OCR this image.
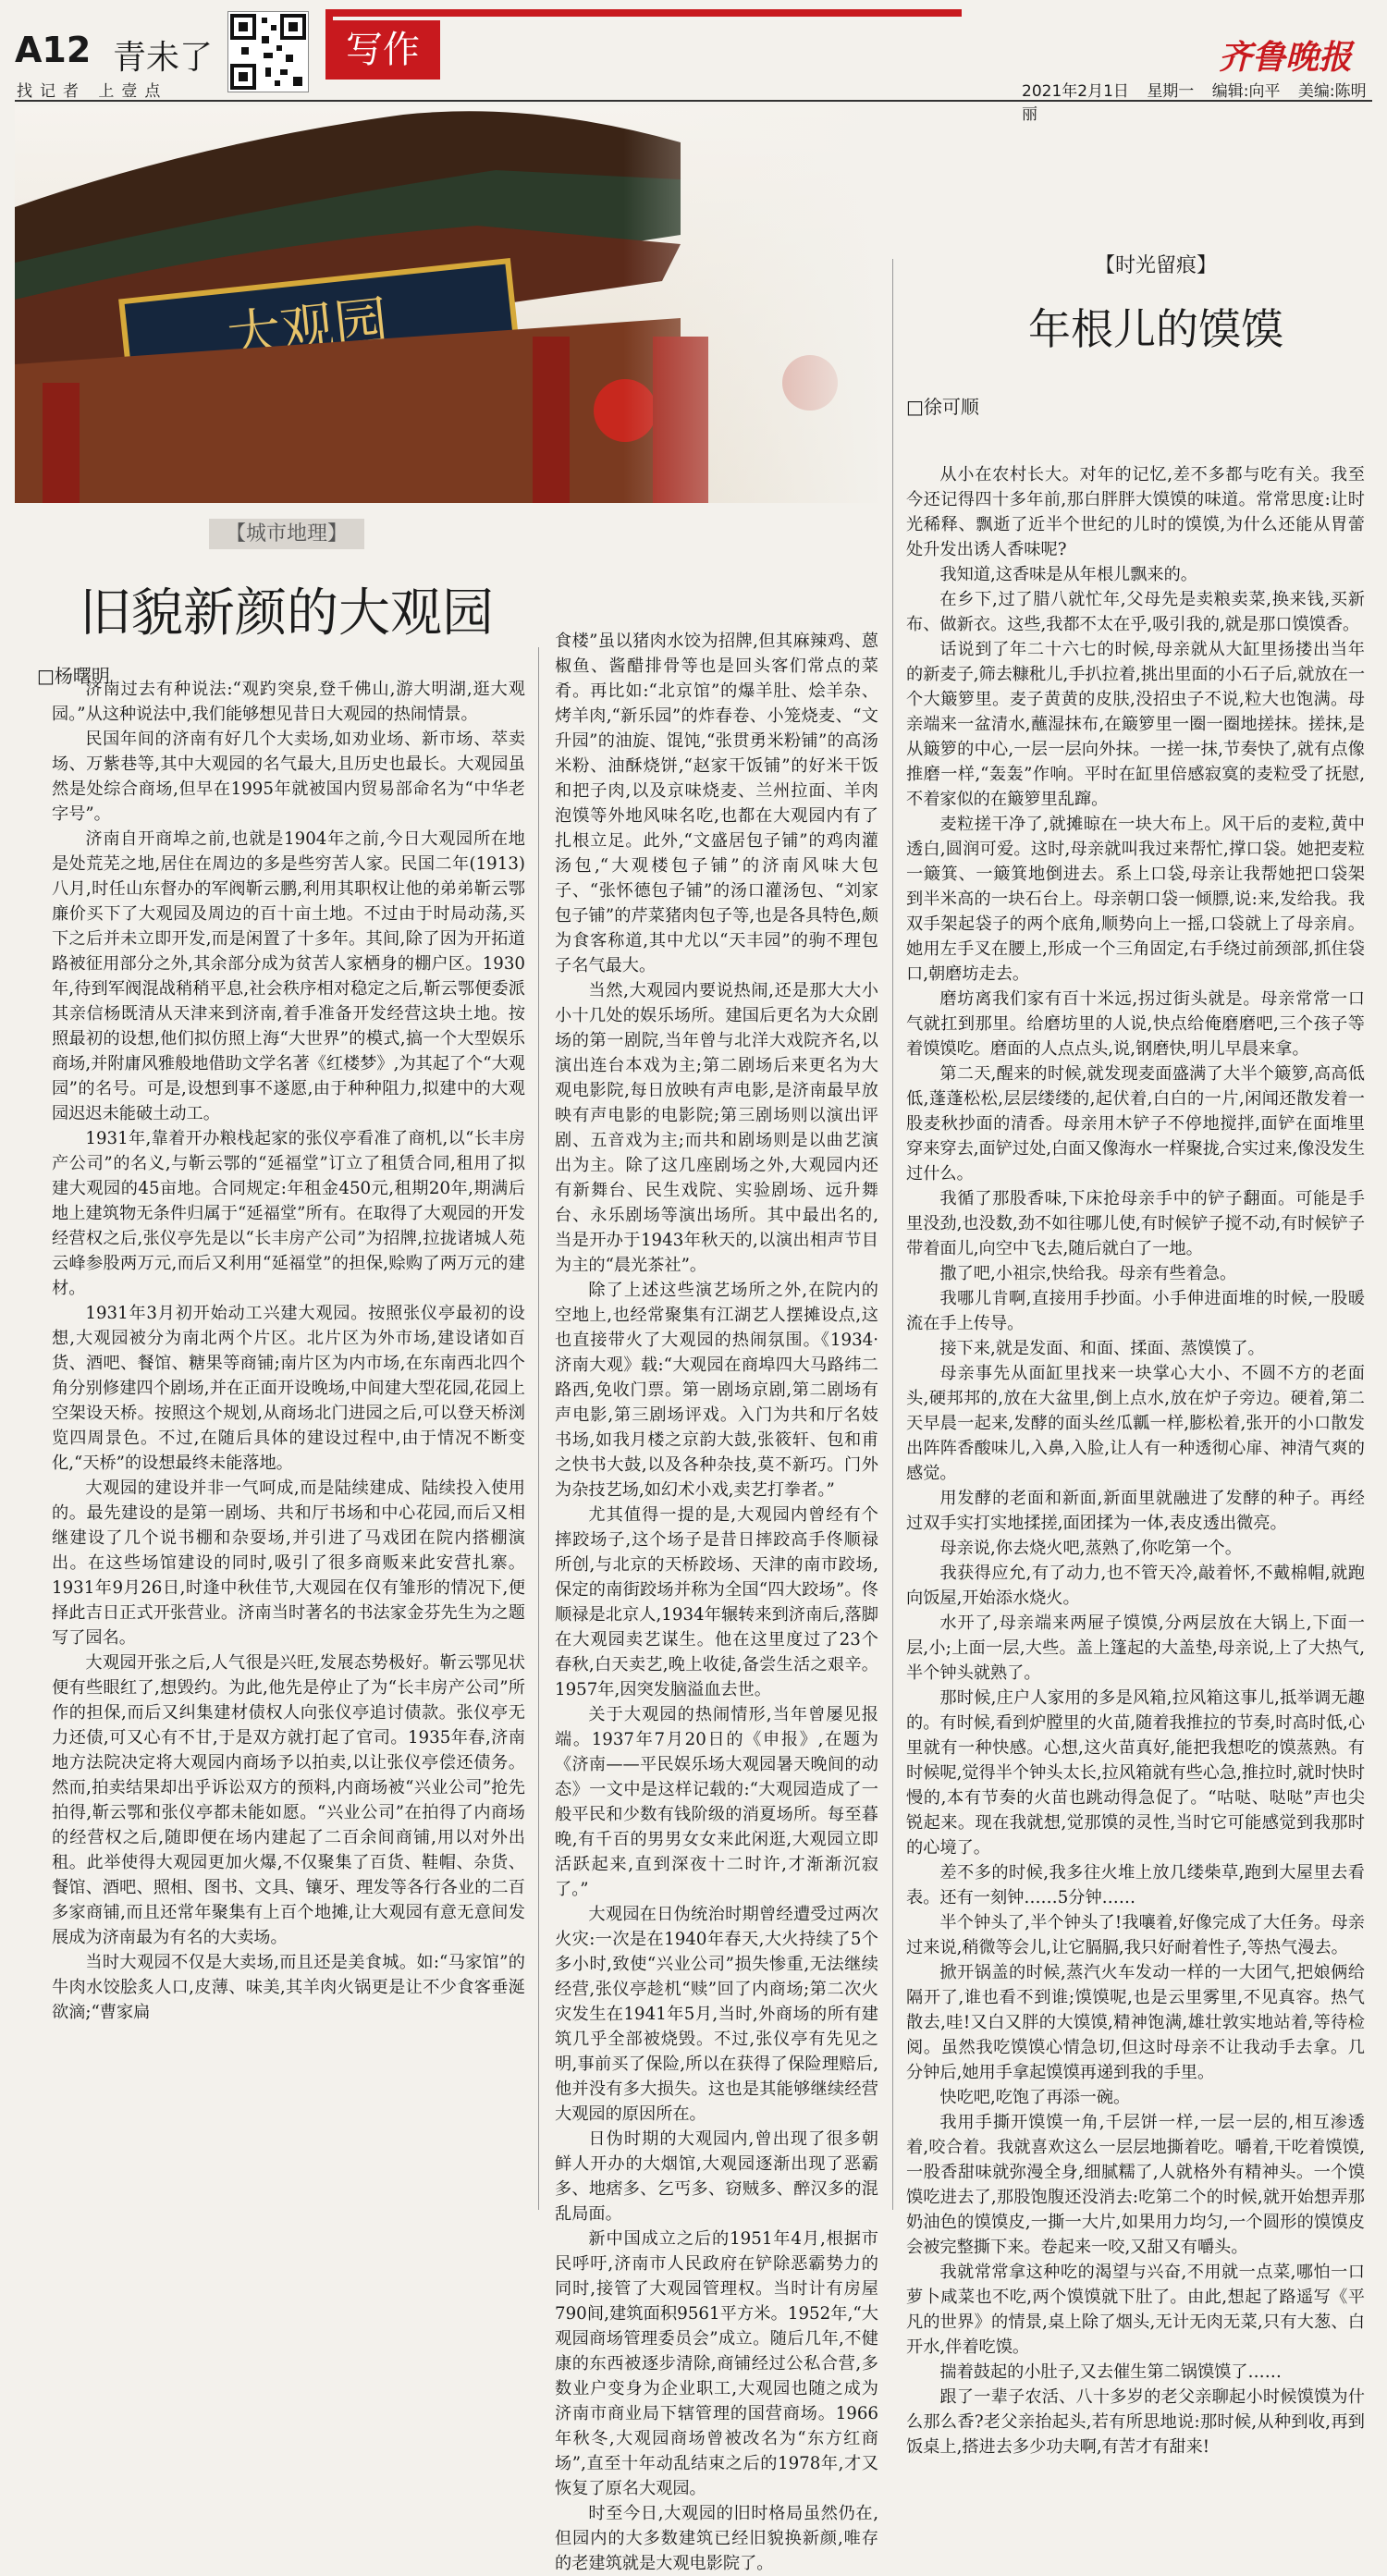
A12 青未了
找记者 上壹点
写作	齐鲁晚报
2021年2月1日 星期一 编辑:向平 美编:陈明丽
【城市地理】
旧貌新颜的大观园
□杨曙明

济南过去有种说法:“观趵突泉,登千佛山,游大明湖,逛大观园。”从这种说法中,我们能够想见昔日大观园的热闹情景。

民国年间的济南有好几个大卖场,如劝业场、新市场、萃卖场、万紫巷等,其中大观园的名气最大,且历史也最长。大观园虽然是处综合商场,但早在1995年就被国内贸易部命名为“中华老字号”。

济南自开商埠之前,也就是1904年之前,今日大观园所在地是处荒芜之地,居住在周边的多是些穷苦人家。民国二年(1913)八月,时任山东督办的军阀靳云鹏,利用其职权让他的弟弟靳云鄂廉价买下了大观园及周边的百十亩土地。不过由于时局动荡,买下之后并未立即开发,而是闲置了十多年。其间,除了因为开拓道路被征用部分之外,其余部分成为贫苦人家栖身的棚户区。1930年,待到军阀混战稍稍平息,社会秩序相对稳定之后,靳云鄂便委派其亲信杨既清从天津来到济南,着手准备开发经营这块土地。按照最初的设想,他们拟仿照上海“大世界”的模式,搞一个大型娱乐商场,并附庸风雅般地借助文学名著《红楼梦》,为其起了个“大观园”的名号。可是,设想到事不遂愿,由于种种阻力,拟建中的大观园迟迟未能破土动工。

1931年,靠着开办粮栈起家的张仪亭看准了商机,以“长丰房产公司”的名义,与靳云鄂的“延福堂”订立了租赁合同,租用了拟建大观园的45亩地。合同规定:年租金450元,租期20年,期满后地上建筑物无条件归属于“延福堂”所有。在取得了大观园的开发经营权之后,张仪亭先是以“长丰房产公司”为招牌,拉拢诸城人苑云峰参股两万元,而后又利用“延福堂”的担保,赊购了两万元的建材。

1931年3月初开始动工兴建大观园。按照张仪亭最初的设想,大观园被分为南北两个片区。北片区为外市场,建设诸如百货、酒吧、餐馆、糖果等商铺;南片区为内市场,在东南西北四个角分别修建四个剧场,并在正面开设晚场,中间建大型花园,花园上空架设天桥。按照这个规划,从商场北门进园之后,可以登天桥浏览四周景色。不过,在随后具体的建设过程中,由于情况不断变化,“天桥”的设想最终未能落地。

大观园的建设并非一气呵成,而是陆续建成、陆续投入使用的。最先建设的是第一剧场、共和厅书场和中心花园,而后又相继建设了几个说书棚和杂耍场,并引进了马戏团在院内搭棚演出。在这些场馆建设的同时,吸引了很多商贩来此安营扎寨。1931年9月26日,时逢中秋佳节,大观园在仅有雏形的情况下,便择此吉日正式开张营业。济南当时著名的书法家金芬先生为之题写了园名。

大观园开张之后,人气很是兴旺,发展态势极好。靳云鄂见状便有些眼红了,想毁约。为此,他先是停止了为“长丰房产公司”所作的担保,而后又纠集建材债权人向张仪亭追讨债款。张仪亭无力还债,可又心有不甘,于是双方就打起了官司。1935年春,济南地方法院决定将大观园内商场予以拍卖,以让张仪亭偿还债务。然而,拍卖结果却出乎诉讼双方的预料,内商场被“兴业公司”抢先拍得,靳云鄂和张仪亭都未能如愿。“兴业公司”在拍得了内商场的经营权之后,随即便在场内建起了二百余间商铺,用以对外出租。此举使得大观园更加火爆,不仅聚集了百货、鞋帽、杂货、餐馆、酒吧、照相、图书、文具、镶牙、理发等各行各业的二百多家商铺,而且还常年聚集有上百个地摊,让大观园有意无意间发展成为济南最为有名的大卖场。

当时大观园不仅是大卖场,而且还是美食城。如:“马家馆”的牛肉水饺脍炙人口,皮薄、味美,其羊肉火锅更是让不少食客垂涎欲滴;“曹家扁

食楼”虽以猪肉水饺为招牌,但其麻辣鸡、蒽椒鱼、酱醋排骨等也是回头客们常点的菜肴。再比如:“北京馆”的爆羊肚、烩羊杂、烤羊肉,“新乐园”的炸春卷、小笼烧麦、“文升园”的油旋、馄饨,“张贯勇米粉铺”的高汤米粉、油酥烧饼,“赵家干饭铺”的好米干饭和把子肉,以及京味烧麦、兰州拉面、羊肉泡馍等外地风味名吃,也都在大观园内有了扎根立足。此外,“文盛居包子铺”的鸡肉灌汤包,“大观楼包子铺”的济南风味大包子、“张怀德包子铺”的汤口灌汤包、“刘家包子铺”的芹菜猪肉包子等,也是各具特色,颇为食客称道,其中尤以“天丰园”的驹不理包子名气最大。

当然,大观园内要说热闹,还是那大大小小十几处的娱乐场所。建国后更名为大众剧场的第一剧院,当年曾与北洋大戏院齐名,以演出连台本戏为主;第二剧场后来更名为大观电影院,每日放映有声电影,是济南最早放映有声电影的电影院;第三剧场则以演出评剧、五音戏为主;而共和剧场则是以曲艺演出为主。除了这几座剧场之外,大观园内还有新舞台、民生戏院、实验剧场、远升舞台、永乐剧场等演出场所。其中最出名的,当是开办于1943年秋天的,以演出相声节目为主的“晨光茶社”。

除了上述这些演艺场所之外,在院内的空地上,也经常聚集有江湖艺人摆摊设点,这也直接带火了大观园的热闹氛围。《1934·济南大观》载:“大观园在商埠四大马路纬二路西,免收门票。第一剧场京剧,第二剧场有声电影,第三剧场评戏。入门为共和厅名妓书场,如我月楼之京韵大鼓,张筱轩、包和甫之快书大鼓,以及各种杂技,莫不新巧。门外为杂技艺场,如幻术小戏,卖艺打拳者。”

尤其值得一提的是,大观园内曾经有个摔跤场子,这个场子是昔日摔跤高手佟顺禄所创,与北京的天桥跤场、天津的南市跤场,保定的南街跤场并称为全国“四大跤场”。佟顺禄是北京人,1934年辗转来到济南后,落脚在大观园卖艺谋生。他在这里度过了23个春秋,白天卖艺,晚上收徒,备尝生活之艰辛。1957年,因突发脑溢血去世。

关于大观园的热闹情形,当年曾屡见报端。1937年7月20日的《申报》,在题为《济南——平民娱乐场大观园暑天晚间的动态》一文中是这样记载的:“大观园造成了一般平民和少数有钱阶级的消夏场所。每至暮晚,有千百的男男女女来此闲逛,大观园立即活跃起来,直到深夜十二时许,才渐渐沉寂了。”

大观园在日伪统治时期曾经遭受过两次火灾:一次是在1940年春天,大火持续了5个多小时,致使“兴业公司”损失惨重,无法继续经营,张仪亭趁机“赎”回了内商场;第二次火灾发生在1941年5月,当时,外商场的所有建筑几乎全部被烧毁。不过,张仪亭有先见之明,事前买了保险,所以在获得了保险理赔后,他并没有多大损失。这也是其能够继续经营大观园的原因所在。

日伪时期的大观园内,曾出现了很多朝鲜人开办的大烟馆,大观园逐渐出现了恶霸多、地痞多、乞丐多、窃贼多、醉汉多的混乱局面。

新中国成立之后的1951年4月,根据市民呼吁,济南市人民政府在铲除恶霸势力的同时,接管了大观园管理权。当时计有房屋790间,建筑面积9561平方米。1952年,“大观园商场管理委员会”成立。随后几年,不健康的东西被逐步清除,商铺经过公私合营,多数业户变身为企业职工,大观园也随之成为济南市商业局下辖管理的国营商场。1966年秋冬,大观园商场曾被改名为“东方红商场”,直至十年动乱结束之后的1978年,才又恢复了原名大观园。

时至今日,大观园的旧时格局虽然仍在,但园内的大多数建筑已经旧貌换新颜,唯存的老建筑就是大观电影院了。

【时光留痕】
年根儿的馍馍
□徐可顺

从小在农村长大。对年的记忆,差不多都与吃有关。我至今还记得四十多年前,那白胖胖大馍馍的味道。常常思度:让时光稀释、飘逝了近半个世纪的儿时的馍馍,为什么还能从胃蕾处升发出诱人香味呢?

我知道,这香味是从年根儿飘来的。

在乡下,过了腊八就忙年,父母先是卖粮卖菜,换来钱,买新布、做新衣。这些,我都不太在乎,吸引我的,就是那口馍馍香。

话说到了年二十六七的时候,母亲就从大缸里扬搂出当年的新麦子,筛去糠秕儿,手扒拉着,挑出里面的小石子后,就放在一个大簸箩里。麦子黄黄的皮肤,没招虫子不说,粒大也饱满。母亲端来一盆清水,蘸湿抹布,在簸箩里一圈一圈地搓抹。搓抹,是从簸箩的中心,一层一层向外抹。一搓一抹,节奏快了,就有点像推磨一样,“轰轰”作响。平时在缸里倍感寂寞的麦粒受了抚慰,不着家似的在簸箩里乱蹿。

麦粒搓干净了,就摊晾在一块大布上。风干后的麦粒,黄中透白,圆润可爱。这时,母亲就叫我过来帮忙,撑口袋。她把麦粒一簸箕、一簸箕地倒进去。系上口袋,母亲让我帮她把口袋架到半米高的一块石台上。母亲朝口袋一倾膘,说:来,发给我。我双手架起袋子的两个底角,顺势向上一摇,口袋就上了母亲肩。她用左手叉在腰上,形成一个三角固定,右手绕过前颈部,抓住袋口,朝磨坊走去。

磨坊离我们家有百十米远,拐过街头就是。母亲常常一口气就扛到那里。给磨坊里的人说,快点给俺磨磨吧,三个孩子等着馍馍吃。磨面的人点点头,说,钢磨快,明儿早晨来拿。

第二天,醒来的时候,就发现麦面盛满了大半个簸箩,高高低低,蓬蓬松松,层层缕缕的,起伏着,白白的一片,闲闻还散发着一股麦秋抄面的清香。母亲用木铲子不停地搅拌,面铲在面堆里穿来穿去,面铲过处,白面又像海水一样聚拢,合实过来,像没发生过什么。

我循了那股香味,下床抢母亲手中的铲子翻面。可能是手里没劲,也没数,劲不如往哪儿使,有时候铲子搅不动,有时候铲子带着面儿,向空中飞去,随后就白了一地。

撒了吧,小祖宗,快给我。母亲有些着急。

我哪儿肯啊,直接用手抄面。小手伸进面堆的时候,一股暖流在手上传导。

接下来,就是发面、和面、揉面、蒸馍馍了。

母亲事先从面缸里找来一块掌心大小、不圆不方的老面头,硬邦邦的,放在大盆里,倒上点水,放在炉子旁边。硬着,第二天早晨一起来,发酵的面头丝瓜瓤一样,膨松着,张开的小口散发出阵阵香酸味儿,入鼻,入脸,让人有一种透彻心扉、神清气爽的感觉。

用发酵的老面和新面,新面里就融进了发酵的种子。再经过双手实打实地揉搓,面团揉为一体,表皮透出微亮。

母亲说,你去烧火吧,蒸熟了,你吃第一个。

我获得应允,有了动力,也不管天冷,敲着怀,不戴棉帽,就跑向饭屋,开始添水烧火。

水开了,母亲端来两屉子馍馍,分两层放在大锅上,下面一层,小;上面一层,大些。盖上篷起的大盖垫,母亲说,上了大热气,半个钟头就熟了。

那时候,庄户人家用的多是风箱,拉风箱这事儿,抵举调无趣的。有时候,看到炉膛里的火苗,随着我推拉的节奏,时高时低,心里就有一种快感。心想,这火苗真好,能把我想吃的馍蒸熟。有时候呢,觉得半个钟头太长,拉风箱就有些心急,推拉时,就时快时慢的,本有节奏的火苗也跳动得急促了。“咕哒、哒哒”声也尖锐起来。现在我就想,觉那馍的灵性,当时它可能感觉到我那时的心境了。

差不多的时候,我多往火堆上放几缕柴草,跑到大屋里去看表。还有一刻钟……5分钟……

半个钟头了,半个钟头了!我嚷着,好像完成了大任务。母亲过来说,稍微等会儿,让它膈膈,我只好耐着性子,等热气漫去。

掀开锅盖的时候,蒸汽火车发动一样的一大团气,把娘俩给隔开了,谁也看不到谁;馍馍呢,也是云里雾里,不见真容。热气散去,哇!又白又胖的大馍馍,精神饱满,雄壮敦实地站着,等待检阅。虽然我吃馍馍心情急切,但这时母亲不让我动手去拿。几分钟后,她用手拿起馍馍再递到我的手里。

快吃吧,吃饱了再添一碗。

我用手撕开馍馍一角,千层饼一样,一层一层的,相互渗透着,咬合着。我就喜欢这么一层层地撕着吃。嚼着,干吃着馍馍,一股香甜味就弥漫全身,细腻糯了,人就格外有精神头。一个馍馍吃进去了,那股饱腹还没消去:吃第二个的时候,就开始想弄那奶油色的馍馍皮,一撕一大片,如果用力均匀,一个圆形的馍馍皮会被完整撕下来。卷起来一咬,又甜又有嚼头。

我就常常拿这种吃的渴望与兴奋,不用就一点菜,哪怕一口萝卜咸菜也不吃,两个馍馍就下肚了。由此,想起了路遥写《平凡的世界》的情景,桌上除了烟头,无计无肉无菜,只有大葱、白开水,伴着吃馍。

揣着鼓起的小肚子,又去催生第二锅馍馍了……

跟了一辈子农活、八十多岁的老父亲聊起小时候馍馍为什么那么香?老父亲抬起头,若有所思地说:那时候,从种到收,再到饭桌上,搭进去多少功夫啊,有苦才有甜来!
